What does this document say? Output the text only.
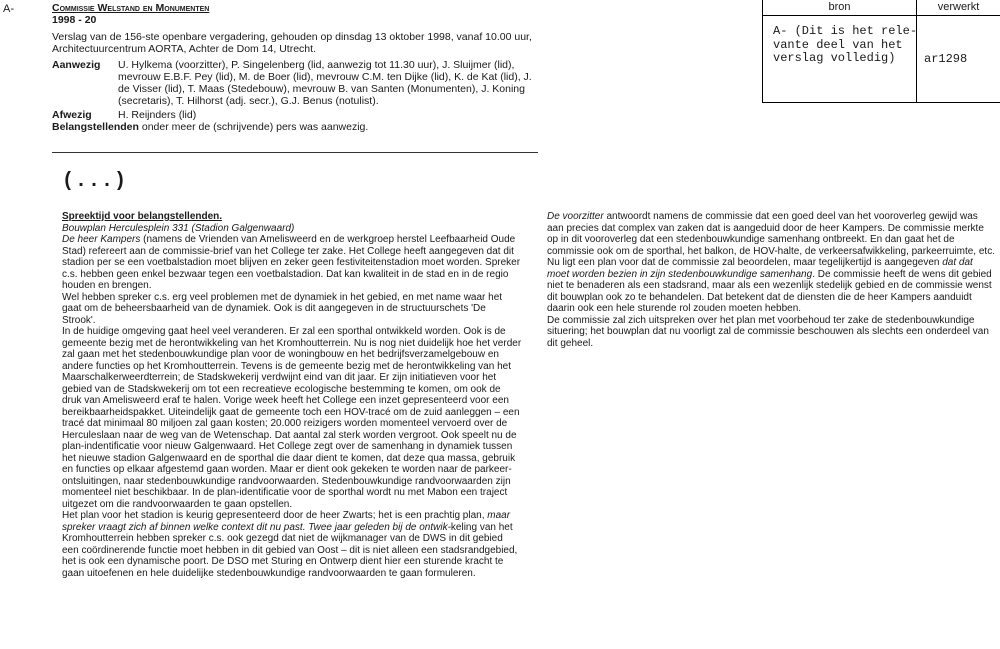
A-	Commissie Welstand en Monumenten
1998 - 20
Verslag van de 156-ste openbare vergadering, gehouden op dinsdag 13 oktober 1998, vanaf 10.00 uur, Architectuurcentrum AORTA, Achter de Dom 14, Utrecht.
Aanwezig	U. Hylkema (voorzitter), P. Singelenberg (lid, aanwezig tot 11.30 uur), J. Sluijmer (lid), mevrouw E.B.F. Pey (lid), M. de Boer (lid), mevrouw C.M. ten Dijke (lid), K. de Kat (lid), J. de Visser (lid), T. Maas (Stedebouw), mevrouw B. van Santen (Monumenten), J. Koning (secretaris), T. Hilhorst (adj. secr.), G.J. Benus (notulist).
Afwezig	H. Reijnders (lid)
Belangstellenden onder meer de (schrijvende) pers was aanwezig.
bron	verwerkt
A- (Dit is het rele-
vante deel van het
verslag volledig)	ar1298
(...)

Spreektijd voor belangstellenden.

Bouwplan Herculesplein 331 (Stadion Galgenwaard)

De heer Kampers (namens de Vrienden van Amelisweerd en de werkgroep herstel Leefbaarheid Oude Stad) refereert aan de commissie-brief van het College ter zake. Het College heeft aangegeven dat dit stadion per se een voetbalstadion moet blijven en zeker geen festiviteitenstadion moet worden. Spreker c.s. hebben geen enkel bezwaar tegen een voetbalstadion. Dat kan kwaliteit in de stad en in de regio houden en brengen.

Wel hebben spreker c.s. erg veel problemen met de dynamiek in het gebied, en met name waar het gaat om de beheersbaarheid van de dynamiek. Ook is dit aangegeven in de structuurschets 'De Strook'.

In de huidige omgeving gaat heel veel veranderen. Er zal een sporthal ontwikkeld worden. Ook is de gemeente bezig met de herontwikkeling van het Kromhoutterrein. Nu is nog niet duidelijk hoe het verder zal gaan met het stedenbouwkundige plan voor de woningbouw en het bedrijfsverzamelgebouw en andere functies op het Kromhoutterrein. Tevens is de gemeente bezig met de herontwikkeling van het Maarschalkerweerdterrein; de Stadskwekerij verdwijnt eind van dit jaar. Er zijn initiatieven voor het gebied van de Stadskwekerij om tot een recreatieve ecologische bestemming te komen, om ook de druk van Amelisweerd eraf te halen. Vorige week heeft het College een inzet gepresenteerd voor een bereikbaarheidspakket. Uiteindelijk gaat de gemeente toch een HOV-tracé om de zuid aanleggen – een tracé dat minimaal 80 miljoen zal gaan kosten; 20.000 reizigers worden momenteel vervoerd over de Herculeslaan naar de weg van de Wetenschap. Dat aantal zal sterk worden vergroot. Ook speelt nu de plan-indentificatie voor nieuw Galgenwaard. Het College zegt over de samenhang in dynamiek tussen het nieuwe stadion Galgenwaard en de sporthal die daar dient te komen, dat deze qua massa, gebruik en functies op elkaar afgestemd gaan worden. Maar er dient ook gekeken te worden naar de parkeer-ontsluitingen, naar stedenbouwkundige randvoorwaarden. Stedenbouwkundige randvoorwaarden zijn momenteel niet beschikbaar. In de plan-identificatie voor de sporthal wordt nu met Mabon een traject uitgezet om die randvoorwaarden te gaan opstellen.

Het plan voor het stadion is keurig gepresenteerd door de heer Zwarts; het is een prachtig plan, maar spreker vraagt zich af binnen welke context dit nu past. Twee jaar geleden bij de ontwik-keling van het Kromhoutterrein hebben spreker c.s. ook gezegd dat niet de wijkmanager van de DWS in dit gebied een coördinerende functie moet hebben in dit gebied van Oost – dit is niet alleen een stadsrandgebied, het is ook een dynamische poort. De DSO met Sturing en Ontwerp dient hier een sturende kracht te gaan uitoefenen en hele duidelijke stedenbouwkundige randvoorwaarden te gaan formuleren.

De voorzitter antwoordt namens de commissie dat een goed deel van het vooroverleg gewijd was aan precies dat complex van zaken dat is aangeduid door de heer Kampers. De commissie merkte op in dit vooroverleg dat een stedenbouwkundige samenhang ontbreekt. En dan gaat het de commissie ook om de sporthal, het balkon, de HOV-halte, de verkeersafwikkeling, parkeerruimte, etc. Nu ligt een plan voor dat de commissie zal beoordelen, maar tegelijkertijd is aangegeven dat dat moet worden bezien in zijn stedenbouwkundige samenhang. De commissie heeft de wens dit gebied niet te benaderen als een stadsrand, maar als een wezenlijk stedelijk gebied en de commissie wenst dit bouwplan ook zo te behandelen. Dat betekent dat de diensten die de heer Kampers aanduidt daarin ook een hele sturende rol zouden moeten hebben.

De commissie zal zich uitspreken over het plan met voorbehoud ter zake de stedenbouwkundige situering; het bouwplan dat nu voorligt zal de commissie beschouwen als slechts een onderdeel van dit geheel.
